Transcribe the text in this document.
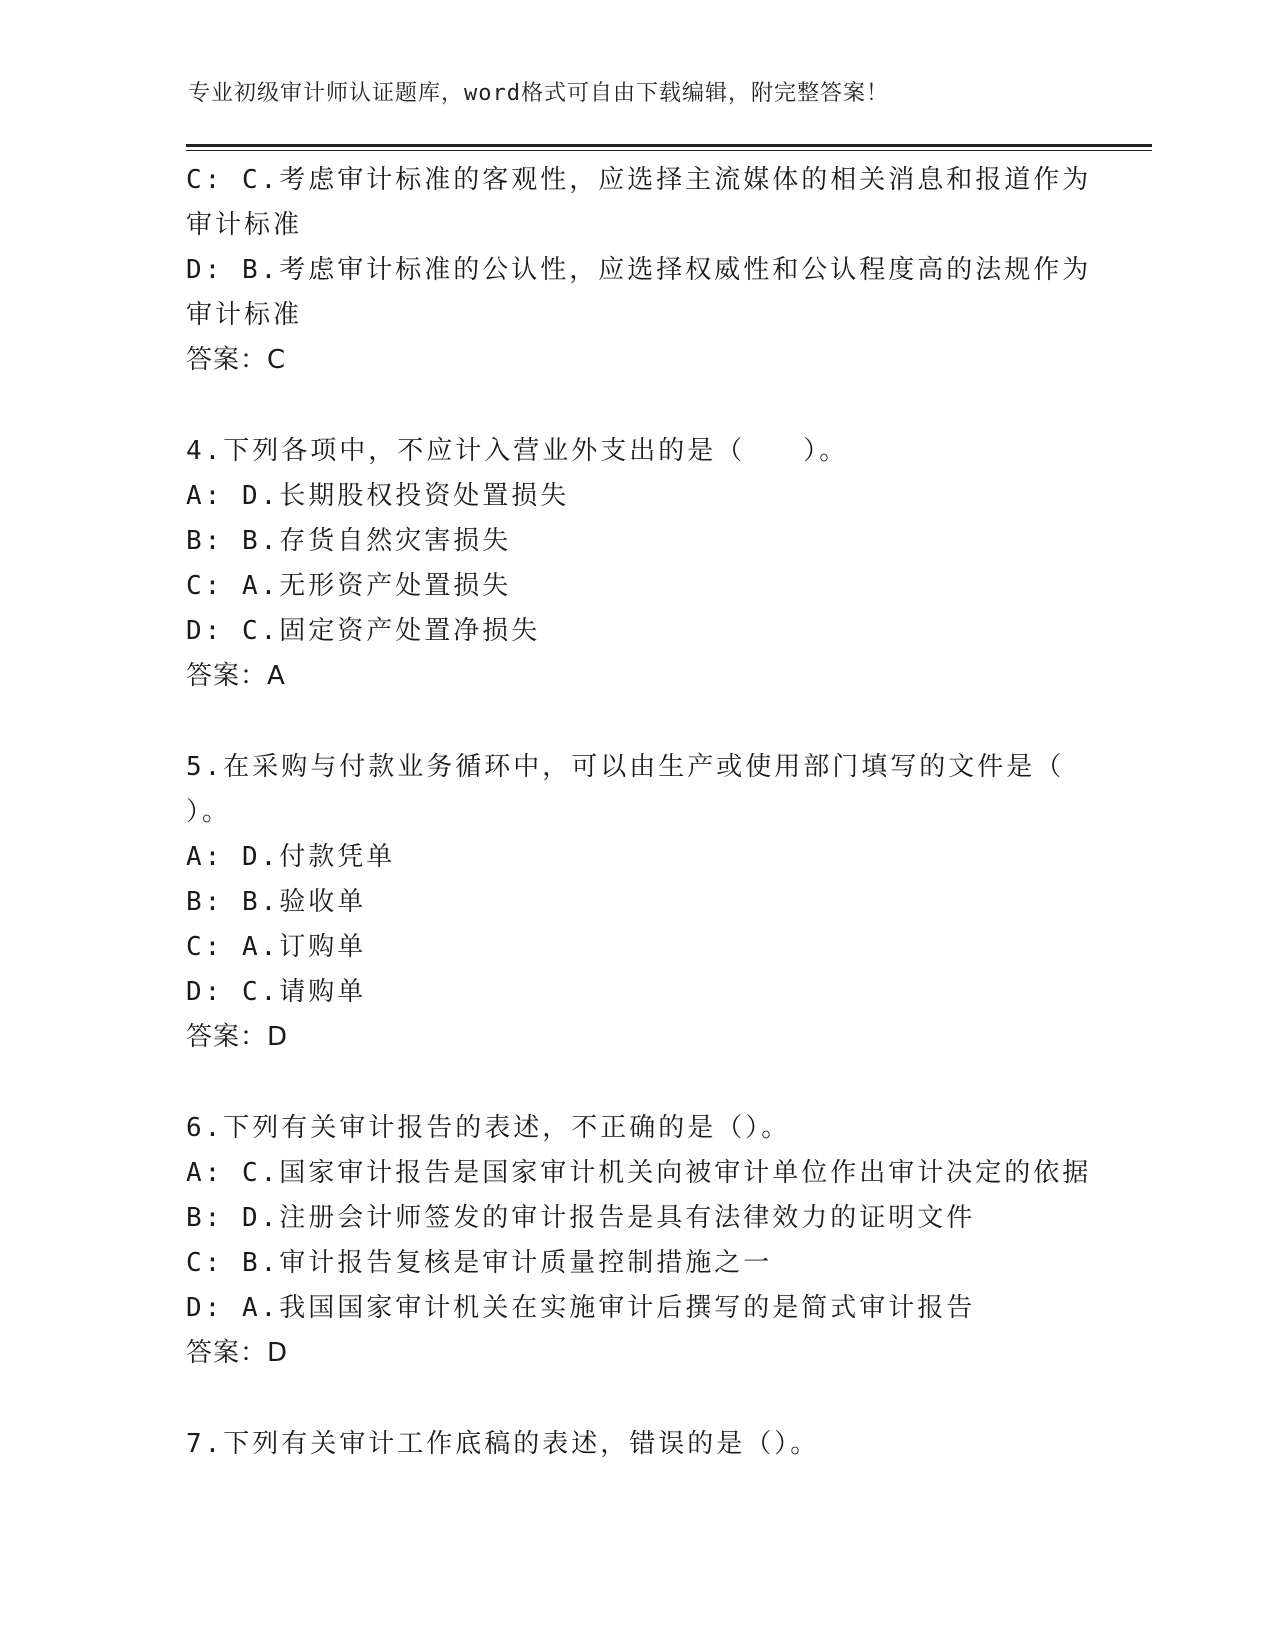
专业初级审计师认证题库，word格式可自由下载编辑，附完整答案！
C: C.考虑审计标准的客观性，应选择主流媒体的相关消息和报道作为
审计标准
D: B.考虑审计标准的公认性，应选择权威性和公认程度高的法规作为
审计标准
答案：C
4.下列各项中，不应计入营业外支出的是（　　）。
A: D.长期股权投资处置损失
B: B.存货自然灾害损失
C: A.无形资产处置损失
D: C.固定资产处置净损失
答案：A
5.在采购与付款业务循环中，可以由生产或使用部门填写的文件是（
）。
A: D.付款凭单
B: B.验收单
C: A.订购单
D: C.请购单
答案：D
6.下列有关审计报告的表述，不正确的是（）。
A: C.国家审计报告是国家审计机关向被审计单位作出审计决定的依据
B: D.注册会计师签发的审计报告是具有法律效力的证明文件
C: B.审计报告复核是审计质量控制措施之一
D: A.我国国家审计机关在实施审计后撰写的是简式审计报告
答案：D
7.下列有关审计工作底稿的表述，错误的是（）。
